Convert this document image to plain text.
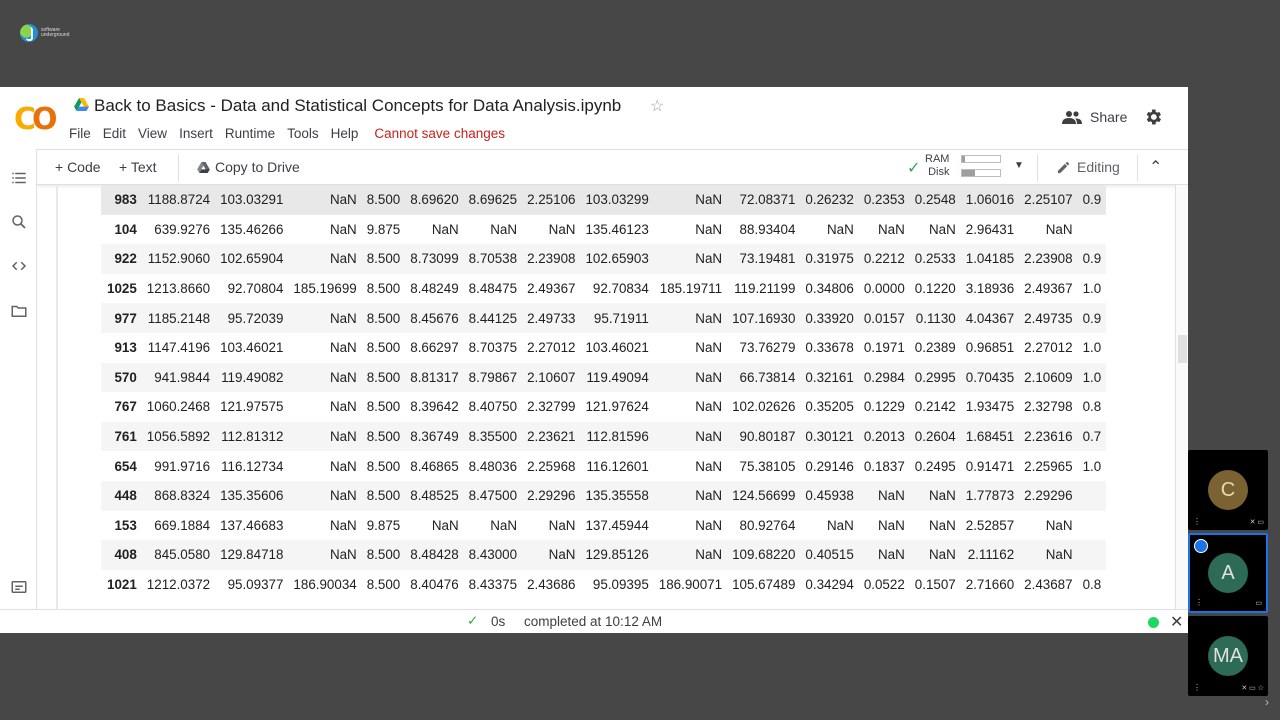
software
underground
CO Back to Basics - Data and Statistical Concepts for Data Analysis.ipynb ☆
File Edit View Insert Runtime Tools Help Cannot save changes
Share
+ Code + Text	Copy to Drive	✓
RAM
Disk
▼	Editing ⌃
983	1188.8724	103.03291	NaN	8.500	8.69620	8.69625	2.25106	103.03299	NaN	72.08371	0.26232	0.2353	0.2548	1.06016	2.25107	0.9
104	639.9276	135.46266	NaN	9.875	NaN	NaN	NaN	135.46123	NaN	88.93404	NaN	NaN	NaN	2.96431	NaN	
922	1152.9060	102.65904	NaN	8.500	8.73099	8.70538	2.23908	102.65903	NaN	73.19481	0.31975	0.2212	0.2533	1.04185	2.23908	0.9
1025	1213.8660	92.70804	185.19699	8.500	8.48249	8.48475	2.49367	92.70834	185.19711	119.21199	0.34806	0.0000	0.1220	3.18936	2.49367	1.0
977	1185.2148	95.72039	NaN	8.500	8.45676	8.44125	2.49733	95.71911	NaN	107.16930	0.33920	0.0157	0.1130	4.04367	2.49735	0.9
913	1147.4196	103.46021	NaN	8.500	8.66297	8.70375	2.27012	103.46021	NaN	73.76279	0.33678	0.1971	0.2389	0.96851	2.27012	1.0
570	941.9844	119.49082	NaN	8.500	8.81317	8.79867	2.10607	119.49094	NaN	66.73814	0.32161	0.2984	0.2995	0.70435	2.10609	1.0
767	1060.2468	121.97575	NaN	8.500	8.39642	8.40750	2.32799	121.97624	NaN	102.02626	0.35205	0.1229	0.2142	1.93475	2.32798	0.8
761	1056.5892	112.81312	NaN	8.500	8.36749	8.35500	2.23621	112.81596	NaN	90.80187	0.30121	0.2013	0.2604	1.68451	2.23616	0.7
654	991.9716	116.12734	NaN	8.500	8.46865	8.48036	2.25968	116.12601	NaN	75.38105	0.29146	0.1837	0.2495	0.91471	2.25965	1.0
448	868.8324	135.35606	NaN	8.500	8.48525	8.47500	2.29296	135.35558	NaN	124.56699	0.45938	NaN	NaN	1.77873	2.29296	
153	669.1884	137.46683	NaN	9.875	NaN	NaN	NaN	137.45944	NaN	80.92764	NaN	NaN	NaN	2.52857	NaN	
408	845.0580	129.84718	NaN	8.500	8.48428	8.43000	NaN	129.85126	NaN	109.68220	0.40515	NaN	NaN	2.11162	NaN	
1021	1212.0372	95.09377	186.90034	8.500	8.40476	8.43375	2.43686	95.09395	186.90071	105.67489	0.34294	0.0522	0.1507	2.71660	2.43687	0.8
✓ 0s completed at 10:12 AM	✕
C
⋮	✕ ▭
A
⋮	▭
MA
⋮	✕ ▭ ☆
›
